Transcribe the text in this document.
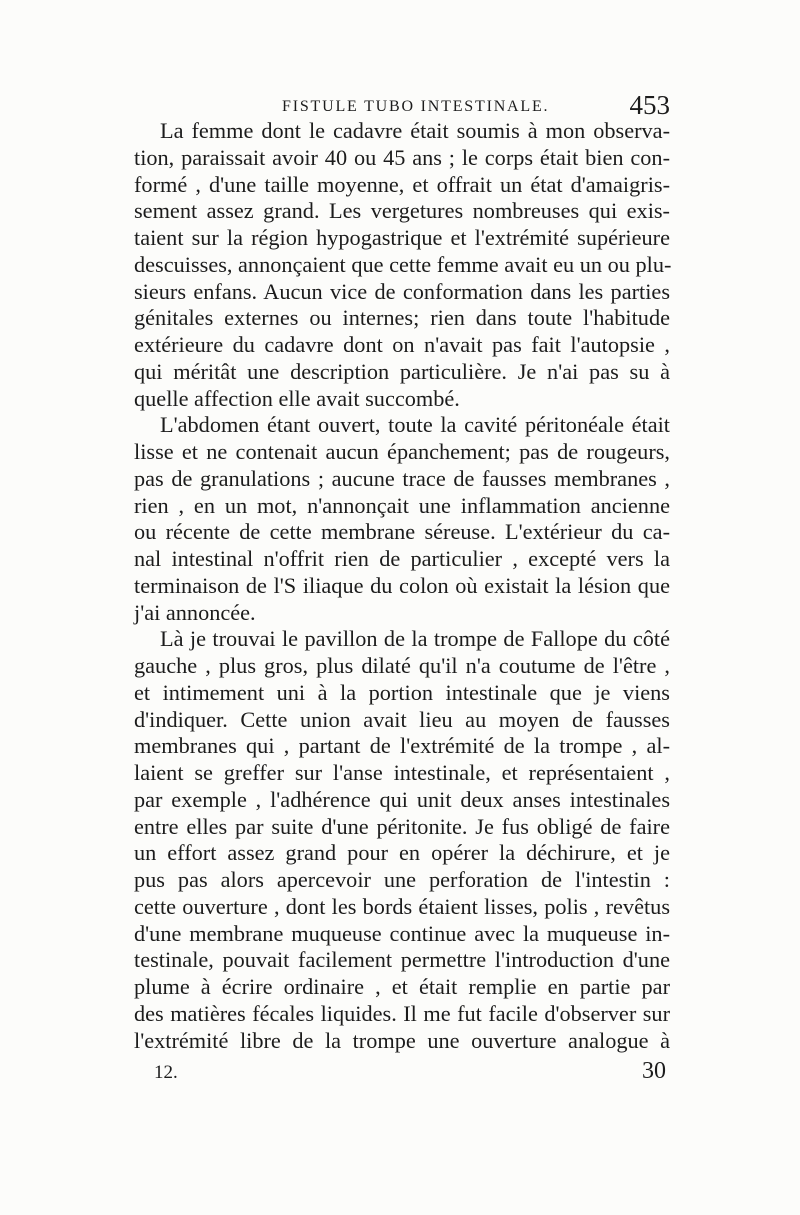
FISTULE TUBO INTESTINALE.	453
La femme dont le cadavre était soumis à mon observa-
tion, paraissait avoir 40 ou 45 ans ; le corps était bien con-
formé , d'une taille moyenne, et offrait un état d'amaigris-
sement assez grand. Les vergetures nombreuses qui exis-
taient sur la région hypogastrique et l'extrémité supérieure
descuisses, annonçaient que cette femme avait eu un ou plu-
sieurs enfans. Aucun vice de conformation dans les parties
génitales externes ou internes; rien dans toute l'habitude
extérieure du cadavre dont on n'avait pas fait l'autopsie ,
qui méritât une description particulière. Je n'ai pas su à
quelle affection elle avait succombé.
L'abdomen étant ouvert, toute la cavité péritonéale était
lisse et ne contenait aucun épanchement; pas de rougeurs,
pas de granulations ; aucune trace de fausses membranes ,
rien , en un mot, n'annonçait une inflammation ancienne
ou récente de cette membrane séreuse. L'extérieur du ca-
nal intestinal n'offrit rien de particulier , excepté vers la
terminaison de l'S iliaque du colon où existait la lésion que
j'ai annoncée.
Là je trouvai le pavillon de la trompe de Fallope du côté
gauche , plus gros, plus dilaté qu'il n'a coutume de l'être ,
et intimement uni à la portion intestinale que je viens
d'indiquer. Cette union avait lieu au moyen de fausses
membranes qui , partant de l'extrémité de la trompe , al-
laient se greffer sur l'anse intestinale, et représentaient ,
par exemple , l'adhérence qui unit deux anses intestinales
entre elles par suite d'une péritonite. Je fus obligé de faire
un effort assez grand pour en opérer la déchirure, et je
pus pas alors apercevoir une perforation de l'intestin :
cette ouverture , dont les bords étaient lisses, polis , revêtus
d'une membrane muqueuse continue avec la muqueuse in-
testinale, pouvait facilement permettre l'introduction d'une
plume à écrire ordinaire , et était remplie en partie par
des matières fécales liquides. Il me fut facile d'observer sur
l'extrémité libre de la trompe une ouverture analogue à
12.	30
